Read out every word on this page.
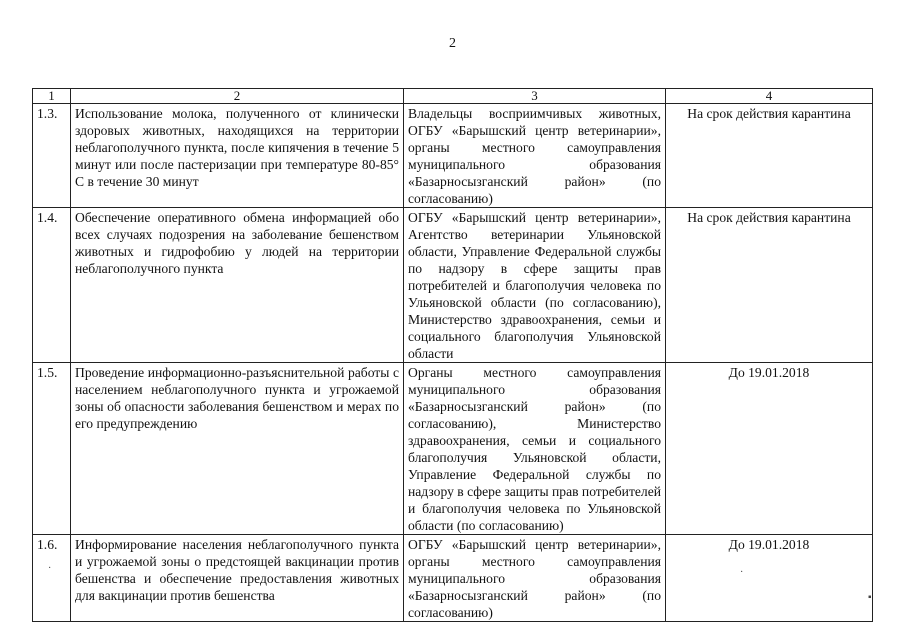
2
1	2	3	4
1.3.	Использование молока, полученного от клинически здоровых животных, находящихся на территории неблагополучного пункта, после кипячения в течение 5 минут или после пастеризации при температуре 80-85° С в течение 30 минут	Владельцы восприимчивых животных, ОГБУ «Барышский центр ветеринарии», органы местного самоуправления муниципального образования «Базарносызганский район» (по согласованию)	На срок действия карантина
1.4.	Обеспечение оперативного обмена информацией обо всех случаях подозрения на заболевание бешенством животных и гидрофобию у людей на территории неблагополучного пункта	ОГБУ «Барышский центр ветеринарии», Агентство ветеринарии Ульяновской области, Управление Федеральной службы по надзору в сфере защиты прав потребителей и благополучия человека по Ульяновской области (по согласованию), Министерство здравоохранения, семьи и социального благополучия Ульяновской области	На срок действия карантина
1.5.	Проведение информационно-разъяснительной работы с населением неблагополучного пункта и угрожаемой зоны об опасности заболевания бешенством и мерах по его предупреждению	Органы местного самоуправления муниципального образования «Базарносызганский район» (по согласованию), Министерство здравоохранения, семьи и социального благополучия Ульяновской области, Управление Федеральной службы по надзору в сфере защиты прав потребителей и благополучия человека по Ульяновской области (по согласованию)	До 19.01.2018
1.6.	Информирование населения неблагополучного пункта и угрожаемой зоны о предстоящей вакцинации против бешенства и обеспечение предоставления животных для вакцинации против бешенства	ОГБУ «Барышский центр ветеринарии», органы местного самоуправления муниципального образования «Базарносызганский район» (по согласованию)	До 19.01.2018
·	·
▪
